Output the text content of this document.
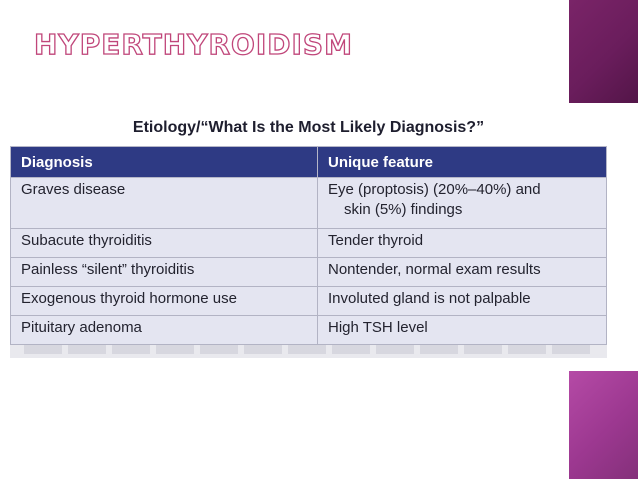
HYPERTHYROIDISM
Etiology/“What Is the Most Likely Diagnosis?”
Diagnosis	Unique feature
Graves disease	Eye (proptosis) (20%–40%) and
skin (5%) findings

Subacute thyroiditis	Tender thyroid
Painless “silent” thyroiditis	Nontender, normal exam results
Exogenous thyroid hormone use	Involuted gland is not palpable
Pituitary adenoma	High TSH level
